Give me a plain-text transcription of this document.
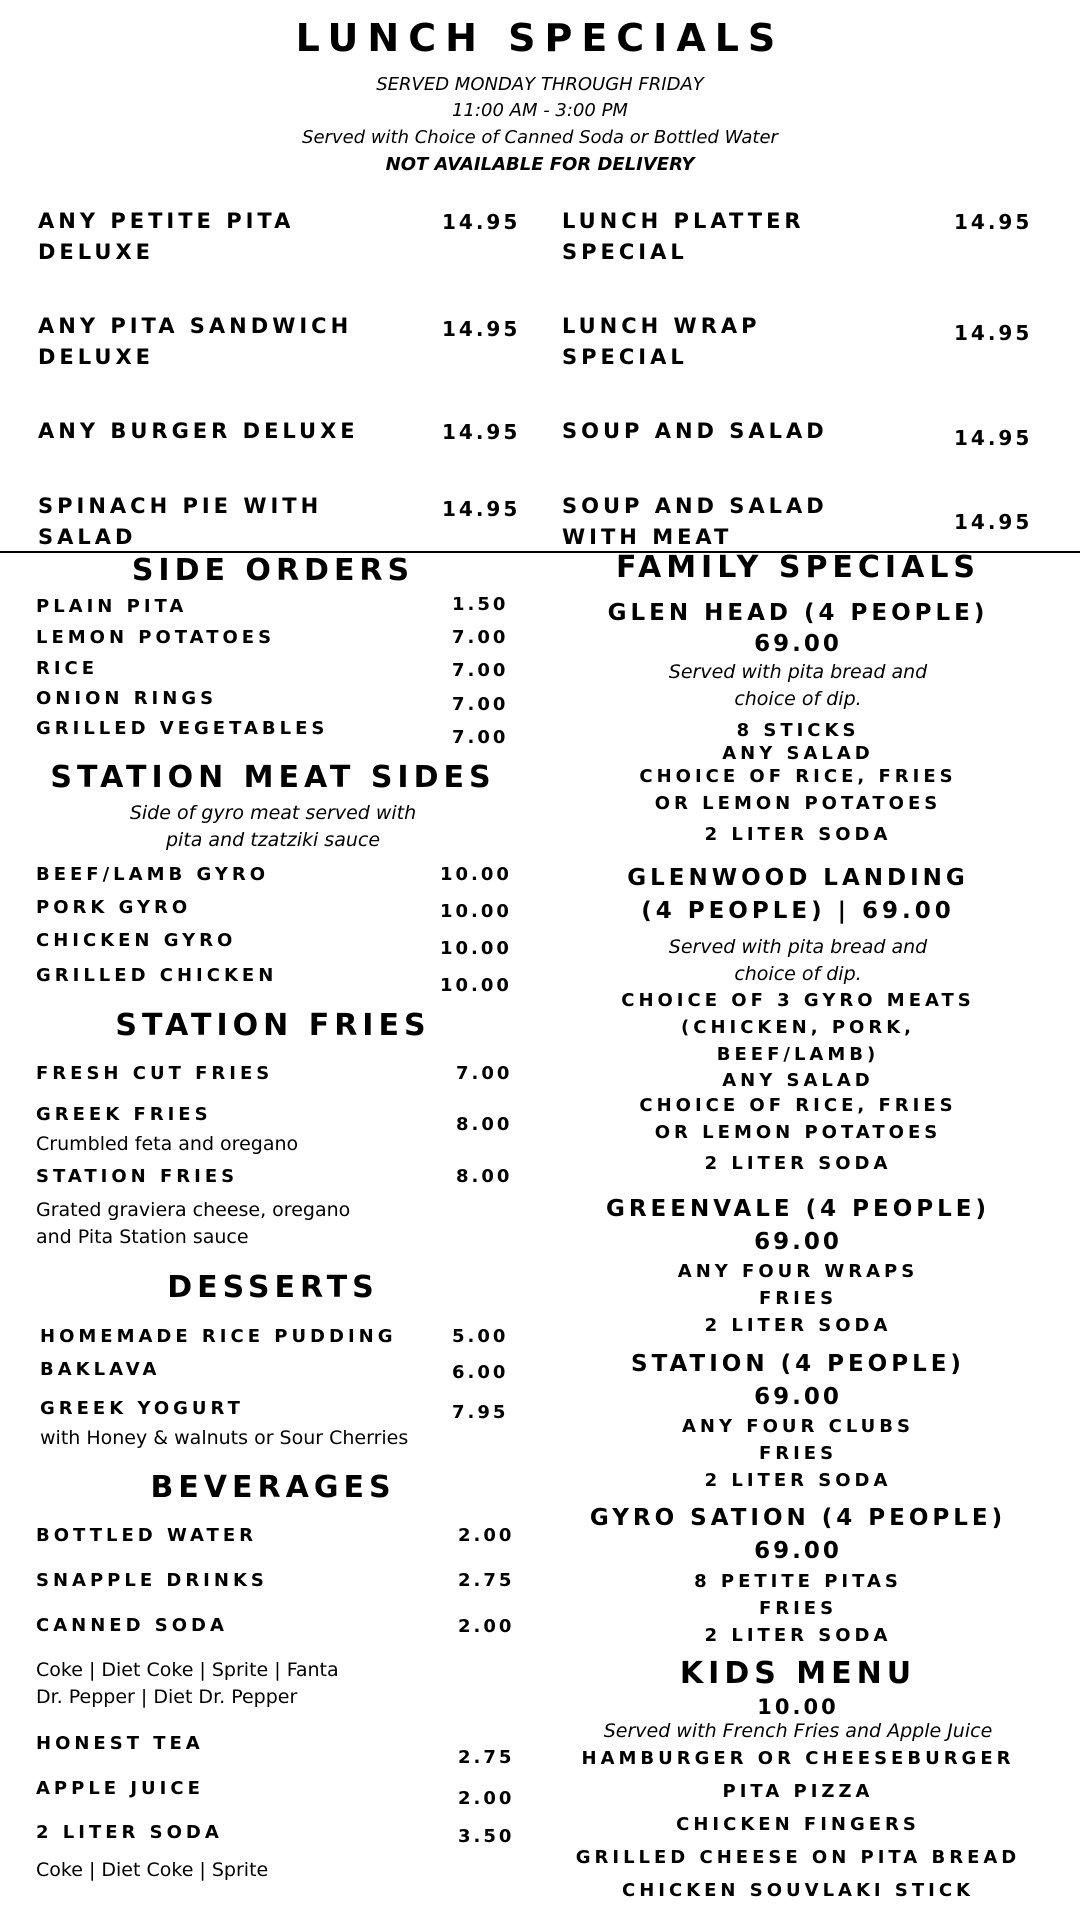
LUNCH SPECIALS
SERVED MONDAY THROUGH FRIDAY
11:00 AM - 3:00 PM
Served with Choice of Canned Soda or Bottled Water
NOT AVAILABLE FOR DELIVERY
ANY PETITE PITA
DELUXE
14.95
ANY PITA SANDWICH
DELUXE
14.95
ANY BURGER DELUXE	14.95
SPINACH PIE WITH
SALAD
14.95
LUNCH PLATTER
SPECIAL
14.95
LUNCH WRAP
SPECIAL
14.95
SOUP AND SALAD	14.95
SOUP AND SALAD
WITH MEAT
14.95
SIDE ORDERS
PLAIN PITA	1.50
LEMON POTATOES	7.00
RICE	7.00
ONION RINGS	7.00
GRILLED VEGETABLES	7.00
STATION MEAT SIDES
Side of gyro meat served with
pita and tzatziki sauce
BEEF/LAMB GYRO	10.00
PORK GYRO	10.00
CHICKEN GYRO	10.00
GRILLED CHICKEN	10.00
STATION FRIES
FRESH CUT FRIES	7.00
GREEK FRIES	8.00
Crumbled feta and oregano
STATION FRIES	8.00
Grated graviera cheese, oregano
and Pita Station sauce
DESSERTS
HOMEMADE RICE PUDDING	5.00
BAKLAVA	6.00
GREEK YOGURT	7.95
with Honey & walnuts or Sour Cherries
BEVERAGES
BOTTLED WATER	2.00
SNAPPLE DRINKS	2.75
CANNED SODA	2.00
Coke | Diet Coke | Sprite | Fanta
Dr. Pepper | Diet Dr. Pepper
HONEST TEA
2.75
APPLE JUICE	2.00
2 LITER SODA	3.50
Coke | Diet Coke | Sprite
FAMILY SPECIALS
GLEN HEAD (4 PEOPLE)
69.00
Served with pita bread and
choice of dip.
8 STICKS
ANY SALAD
CHOICE OF RICE, FRIES
OR LEMON POTATOES
2 LITER SODA
GLENWOOD LANDING
(4 PEOPLE) | 69.00
Served with pita bread and
choice of dip.
CHOICE OF 3 GYRO MEATS
(CHICKEN, PORK,
BEEF/LAMB)
ANY SALAD
CHOICE OF RICE, FRIES
OR LEMON POTATOES
2 LITER SODA
GREENVALE (4 PEOPLE)
69.00
ANY FOUR WRAPS
FRIES
2 LITER SODA
STATION (4 PEOPLE)
69.00
ANY FOUR CLUBS
FRIES
2 LITER SODA
GYRO SATION (4 PEOPLE)
69.00
8 PETITE PITAS
FRIES
2 LITER SODA
KIDS MENU
10.00
Served with French Fries and Apple Juice
HAMBURGER OR CHEESEBURGER
PITA PIZZA
CHICKEN FINGERS
GRILLED CHEESE ON PITA BREAD
CHICKEN SOUVLAKI STICK
